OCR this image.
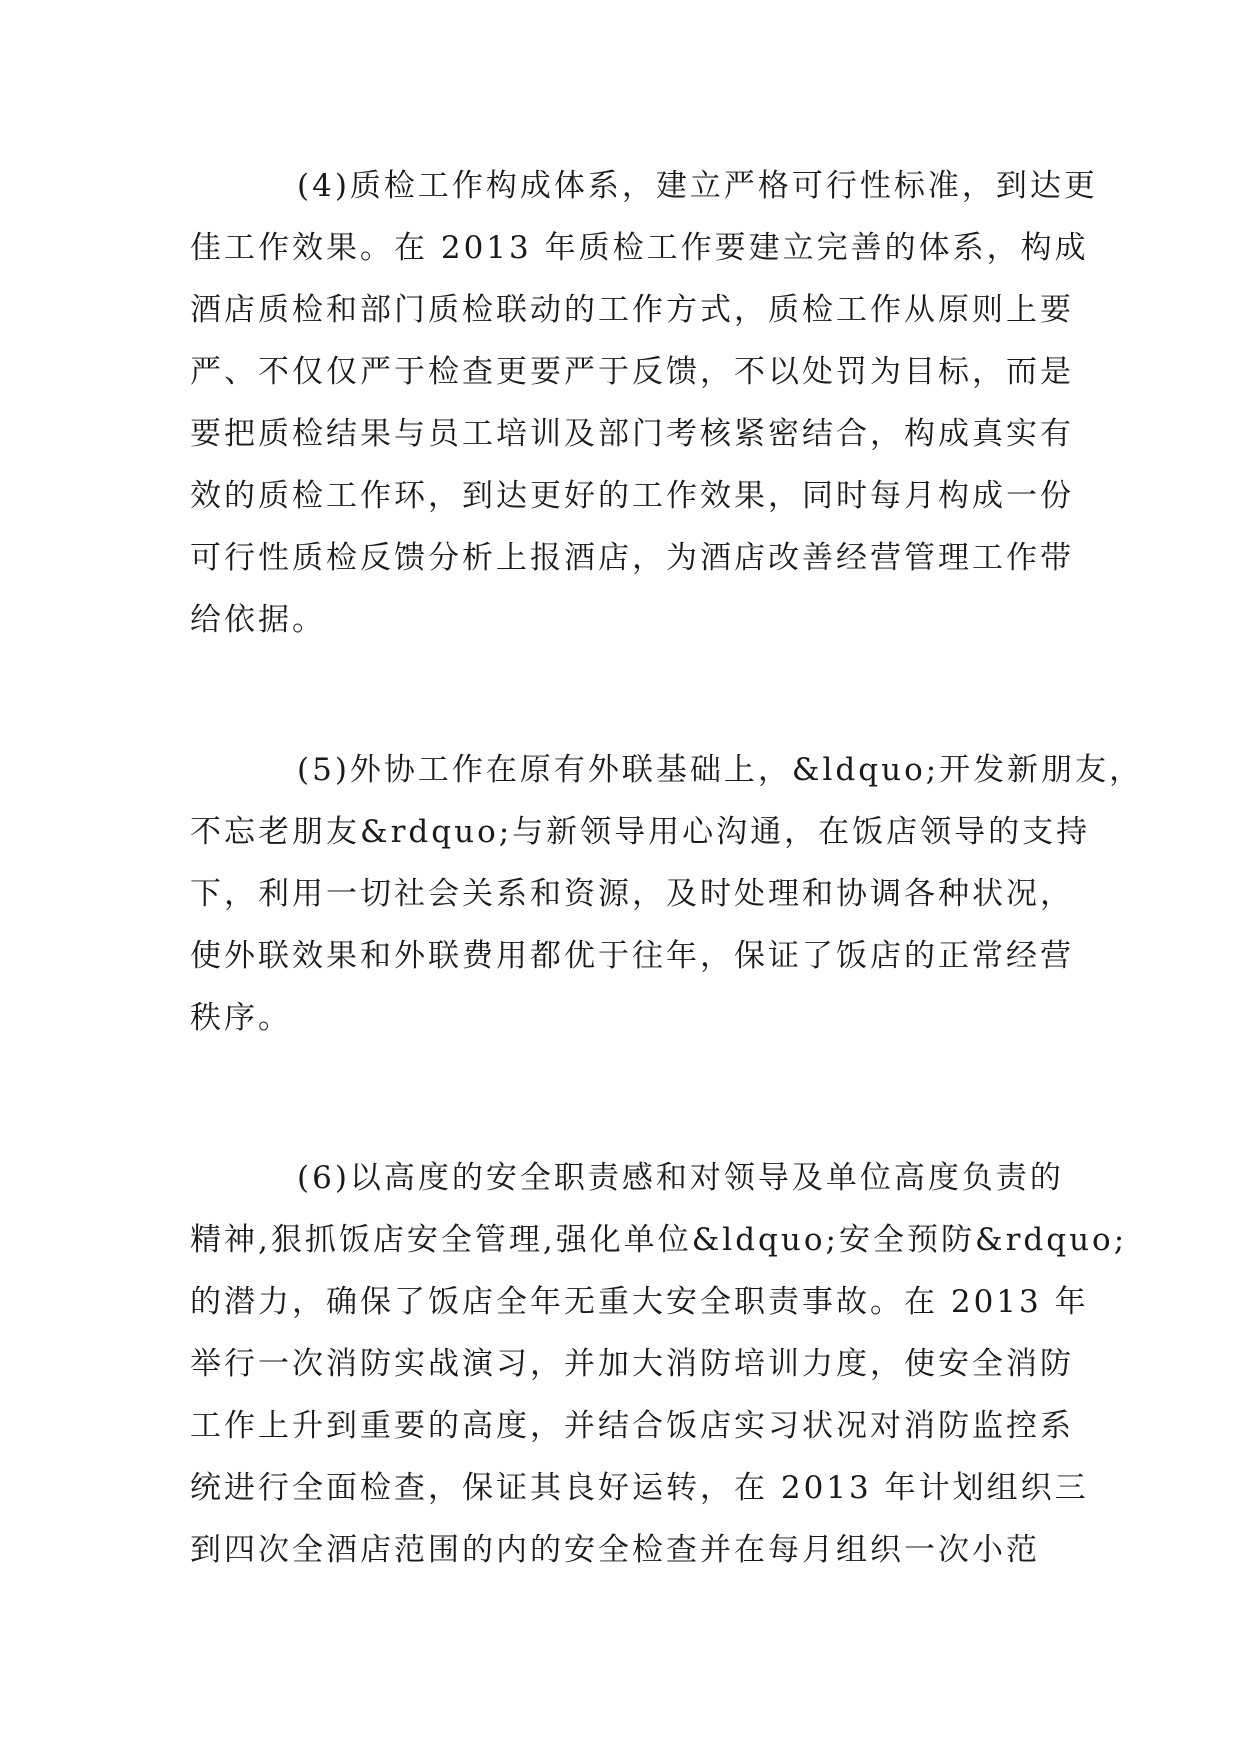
(4)质检工作构成体系，建立严格可行性标准，到达更
佳工作效果。在 2013 年质检工作要建立完善的体系，构成
酒店质检和部门质检联动的工作方式，质检工作从原则上要
严、不仅仅严于检查更要严于反馈，不以处罚为目标，而是
要把质检结果与员工培训及部门考核紧密结合，构成真实有
效的质检工作环，到达更好的工作效果，同时每月构成一份
可行性质检反馈分析上报酒店，为酒店改善经营管理工作带
给依据。
(5)外协工作在原有外联基础上，&ldquo;开发新朋友，
不忘老朋友&rdquo;与新领导用心沟通，在饭店领导的支持
下，利用一切社会关系和资源，及时处理和协调各种状况，
使外联效果和外联费用都优于往年，保证了饭店的正常经营
秩序。
(6)以高度的安全职责感和对领导及单位高度负责的
精神,狠抓饭店安全管理,强化单位&ldquo;安全预防&rdquo;
的潜力，确保了饭店全年无重大安全职责事故。在 2013 年
举行一次消防实战演习，并加大消防培训力度，使安全消防
工作上升到重要的高度，并结合饭店实习状况对消防监控系
统进行全面检查，保证其良好运转，在 2013 年计划组织三
到四次全酒店范围的内的安全检查并在每月组织一次小范
